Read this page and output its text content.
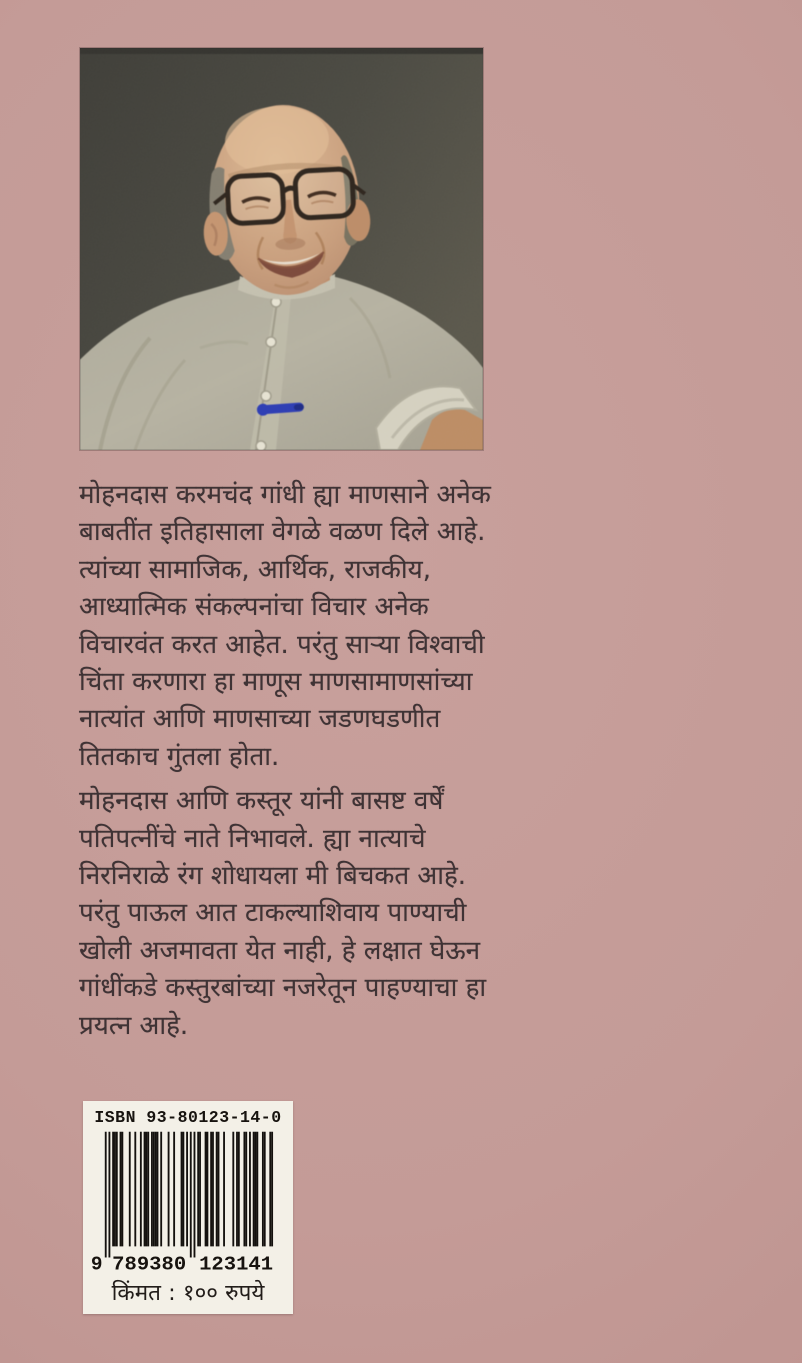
मोहनदास करमचंद गांधी ह्या माणसाने अनेक
बाबतींत इतिहासाला वेगळे वळण दिले आहे.
त्यांच्या सामाजिक, आर्थिक, राजकीय,
आध्यात्मिक संकल्पनांचा विचार अनेक
विचारवंत करत आहेत. परंतु साऱ्या विश्वाची
चिंता करणारा हा माणूस माणसामाणसांच्या
नात्यांत आणि माणसाच्या जडणघडणीत
तितकाच गुंतला होता.
मोहनदास आणि कस्तूर यांनी बासष्ट वर्षें
पतिपत्नींचे नाते निभावले. ह्या नात्याचे
निरनिराळे रंग शोधायला मी बिचकत आहे.
परंतु पाऊल आत टाकल्याशिवाय पाण्याची
खोली अजमावता येत नाही, हे लक्षात घेऊन
गांधींकडे कस्तुरबांच्या नजरेतून पाहण्याचा हा
प्रयत्न आहे.
ISBN 93-80123-14-0
9 789380 123141
किंमत : १०० रुपये
